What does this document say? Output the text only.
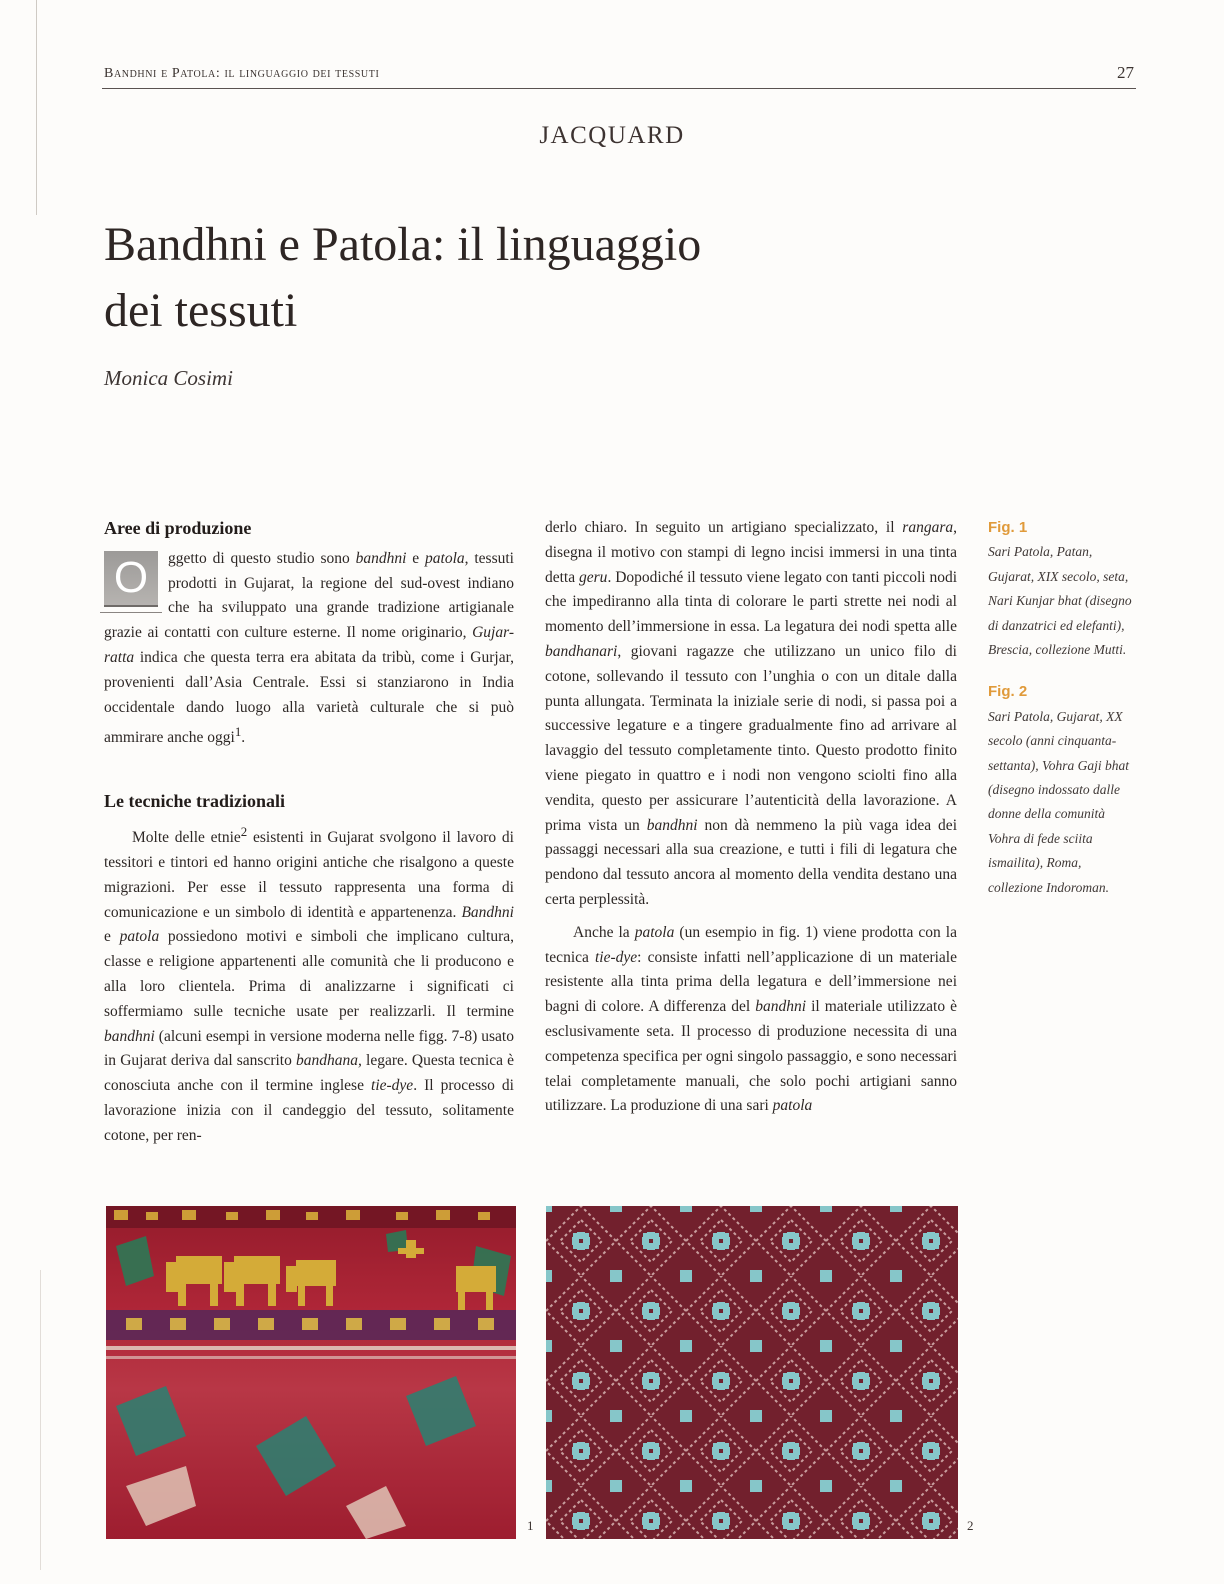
Bandhni e Patola: il linguaggio dei tessuti	27
JACQUARD
Bandhni e Patola: il linguaggio
dei tessuti
Monica Cosimi
Aree di produzione

O	ggetto di questo studio sono bandhni e patola, tessuti prodotti in Gujarat, la regione del sud-ovest indiano che ha sviluppato una grande tradizione artigianale grazie ai contatti con culture esterne. Il nome originario, Gujar-ratta indica che questa terra era abitata da tribù, come i Gurjar, provenienti dall’Asia Centrale. Essi si stanziarono in India occidentale dando luogo alla varietà culturale che si può ammirare anche oggi$^1$.

Le tecniche tradizionali

Molte delle etnie$^2$ esistenti in Gujarat svolgono il lavoro di tessitori e tintori ed hanno origini antiche che risalgono a queste migrazioni. Per esse il tessuto rappresenta una forma di comunicazione e un simbolo di identità e appartenenza. Bandhni e patola possiedono motivi e simboli che implicano cultura, classe e religione appartenenti alle comunità che li producono e alla loro clientela. Prima di analizzarne i significati ci soffermiamo sulle tecniche usate per realizzarli. Il termine bandhni (alcuni esempi in versione moderna nelle figg. 7-8) usato in Gujarat deriva dal sanscrito bandhana, legare. Questa tecnica è conosciuta anche con il termine inglese tie-dye. Il processo di lavorazione inizia con il candeggio del tessuto, solitamente cotone, per ren-

derlo chiaro. In seguito un artigiano specializzato, il rangara, disegna il motivo con stampi di legno incisi immersi in una tinta detta geru. Dopodiché il tessuto viene legato con tanti piccoli nodi che impediranno alla tinta di colorare le parti strette nei nodi al momento dell’immersione in essa. La legatura dei nodi spetta alle bandhanari, giovani ragazze che utilizzano un unico filo di cotone, sollevando il tessuto con l’unghia o con un ditale dalla punta allungata. Terminata la iniziale serie di nodi, si passa poi a successive legature e a tingere gradualmente fino ad arrivare al lavaggio del tessuto completamente tinto. Questo prodotto finito viene piegato in quattro e i nodi non vengono sciolti fino alla vendita, questo per assicurare l’autenticità della lavorazione. A prima vista un bandhni non dà nemmeno la più vaga idea dei passaggi necessari alla sua creazione, e tutti i fili di legatura che pendono dal tessuto ancora al momento della vendita destano una certa perplessità.

Anche la patola (un esempio in fig. 1) viene prodotta con la tecnica tie-dye: consiste infatti nell’applicazione di un materiale resistente alla tinta prima della legatura e dell’immersione nei bagni di colore. A differenza del bandhni il materiale utilizzato è esclusivamente seta. Il processo di produzione necessita di una competenza specifica per ogni singolo passaggio, e sono necessari telai completamente manuali, che solo pochi artigiani sanno utilizzare. La produzione di una sari patola

Fig. 1
Sari Patola, Patan, Gujarat, XIX secolo, seta, Nari Kunjar bhat (disegno di danzatrici ed elefanti), Brescia, collezione Mutti.
Fig. 2
Sari Patola, Gujarat, XX secolo (anni cinquanta-settanta), Vohra Gaji bhat (disegno indossato dalle donne della comunità Vohra di fede sciita ismailita), Roma, collezione Indoroman.
1	2
